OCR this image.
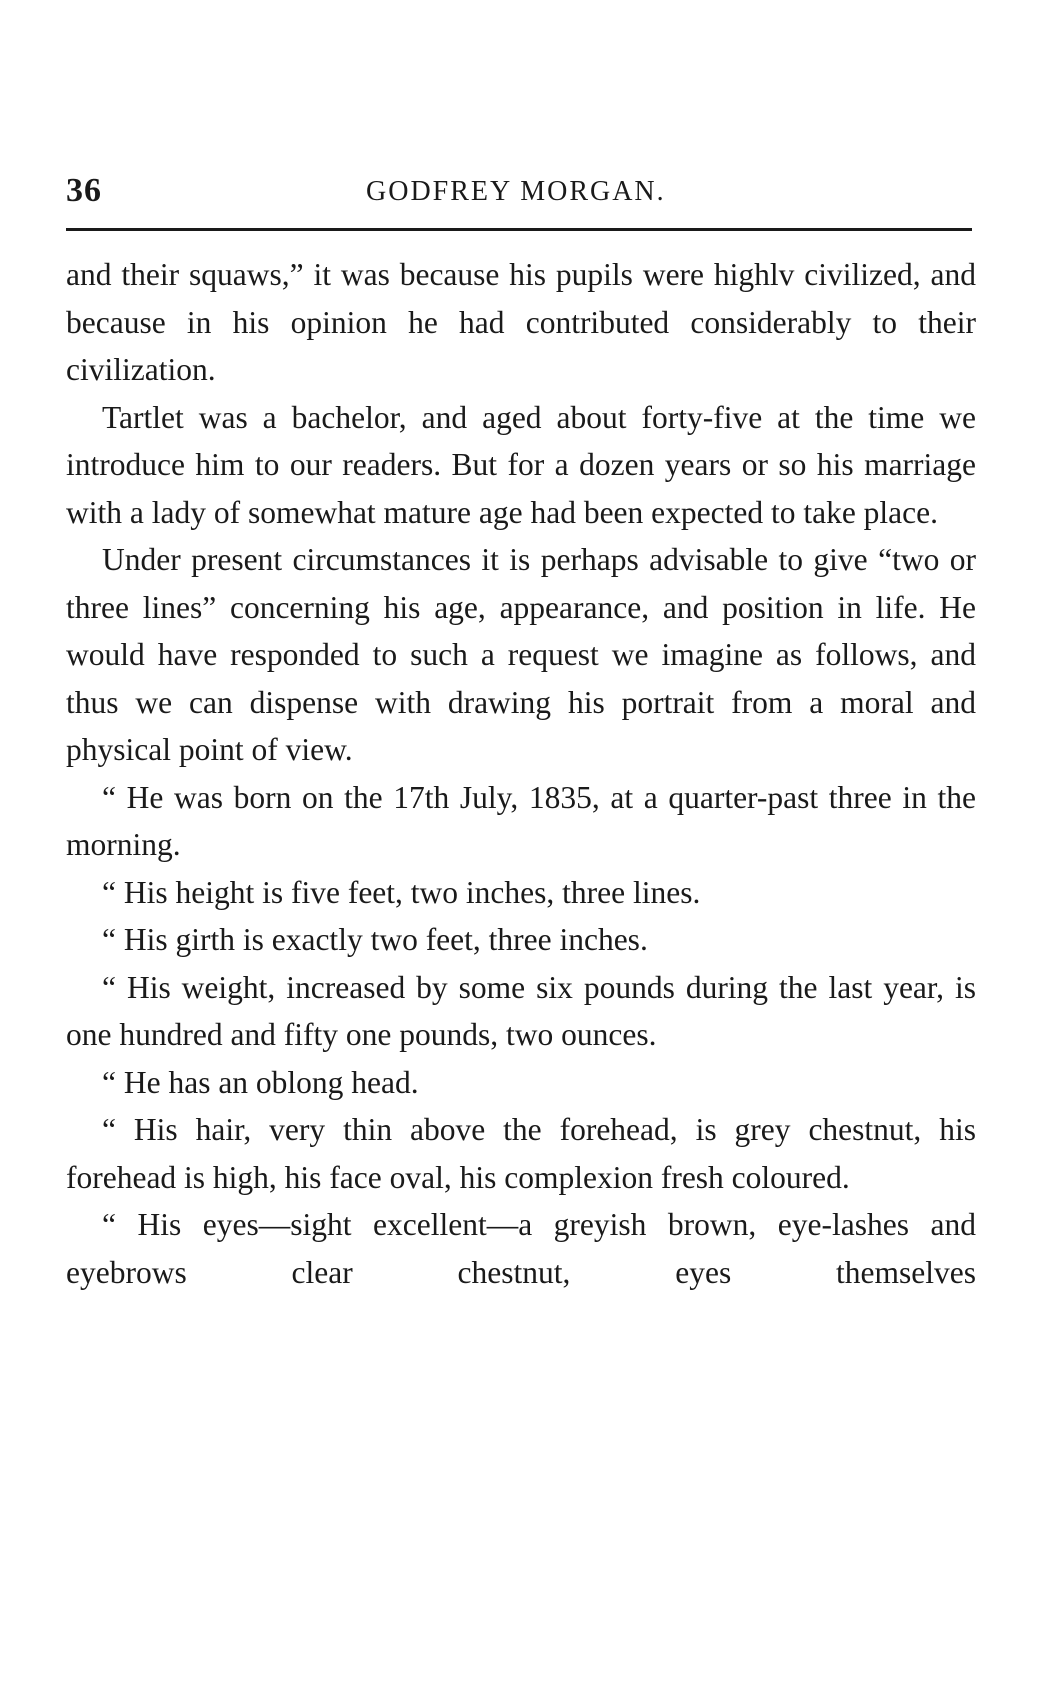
36	GODFREY MORGAN.

and their squaws,” it was because his pupils were highlv civilized, and because in his opinion he had contributed considerably to their civilization.

Tartlet was a bachelor, and aged about forty-five at the time we introduce him to our readers. But for a dozen years or so his marriage with a lady of somewhat mature age had been expected to take place.

Under present circumstances it is perhaps advisable to give “two or three lines” concerning his age, appearance, and position in life. He would have responded to such a request we imagine as follows, and thus we can dispense with drawing his portrait from a moral and physical point of view.

“ He was born on the 17th July, 1835, at a quarter-past three in the morning.

“ His height is five feet, two inches, three lines.

“ His girth is exactly two feet, three inches.

“ His weight, increased by some six pounds during the last year, is one hundred and fifty one pounds, two ounces.

“ He has an oblong head.

“ His hair, very thin above the forehead, is grey chestnut, his forehead is high, his face oval, his complexion fresh coloured.

“ His eyes—sight excellent—a greyish brown, eye-lashes and eyebrows clear chestnut, eyes themselves
